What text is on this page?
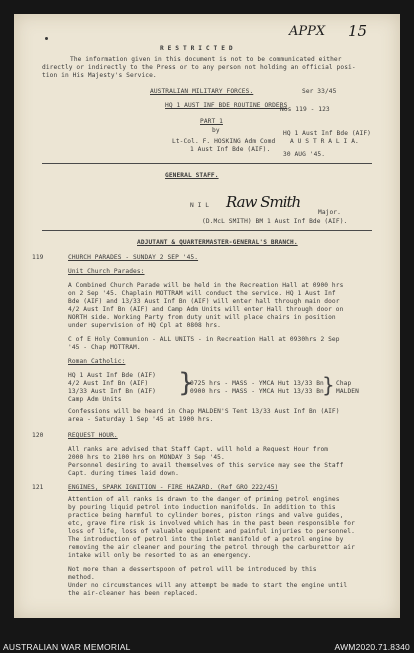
APPX 15
R E S T R I C T E D
The information given in this document is not to be communicated either
directly or indirectly to the Press or to any person not holding an official posi-
tion in His Majesty's Service.
AUSTRALIAN MILITARY FORCES.	Ser 33/45
HQ 1 AUST INF BDE ROUTINE ORDERS
Nos 119 - 123
PART 1
by
Lt-Col. F. HOSKING Adm Comd
1 Aust Inf Bde (AIF).
HQ 1 Aust Inf Bde (AIF)
A U S T R A L I A.
30 AUG '45.
GENERAL STAFF.
N I L Raw Smith
Major.
(D.McL SMITH) BM 1 Aust Inf Bde (AIF).
ADJUTANT & QUARTERMASTER-GENERAL'S BRANCH.
119	CHURCH PARADES - SUNDAY 2 SEP '45.
Unit Church Parades:
A Combined Church Parade will be held in the Recreation Hall at 0900 hrs
on 2 Sep '45. Chaplain MOTTRAM will conduct the service. HQ 1 Aust Inf
Bde (AIF) and 13/33 Aust Inf Bn (AIF) will enter hall through main door
4/2 Aust Inf Bn (AIF) and Camp Adm Units will enter Hall through door on
NORTH side. Working Party from duty unit will place chairs in position
under supervision of HQ Cpl at 0808 hrs.
C of E Holy Communion - ALL UNITS - in Recreation Hall at 0930hrs 2 Sep
'45 - Chap MOTTRAM.
Roman Catholic:
HQ 1 Aust Inf Bde (AIF)
4/2 Aust Inf Bn (AIF)
13/33 Aust Inf Bn (AIF)
Camp Adm Units
}
0725 hrs - MASS - YMCA Hut 13/33 Bn
0900 hrs - MASS - YMCA Hut 13/33 Bn
} Chap
MALDEN
Confessions will be heard in Chap MALDEN'S Tent 13/33 Aust Inf Bn (AIF)
area - Saturday 1 Sep '45 at 1900 hrs.
120	REQUEST HOUR.
All ranks are advised that Staff Capt. will hold a Request Hour from
2000 hrs to 2100 hrs on MONDAY 3 Sep '45.
Personnel desiring to avail themselves of this service may see the Staff
Capt. during times laid down.
121	ENGINES, SPARK IGNITION - FIRE HAZARD. (Ref GRO 222/45)
Attention of all ranks is drawn to the danger of priming petrol engines
by pouring liquid petrol into induction manifolds. In addition to this
practice being harmful to cylinder bores, piston rings and valve guides,
etc, grave fire risk is involved which has in the past been responsible for
loss of life, loss of valuable equipment and painful injuries to personnel.
The introduction of petrol into the inlet manifold of a petrol engine by
removing the air cleaner and pouring the petrol through the carburettor air
intake will only be resorted to as an emergency.
Not more than a dessertspoon of petrol will be introduced by this
method.
Under no circumstances will any attempt be made to start the engine until
the air-cleaner has been replaced.
AUSTRALIAN WAR MEMORIAL	AWM2020.71.8340
